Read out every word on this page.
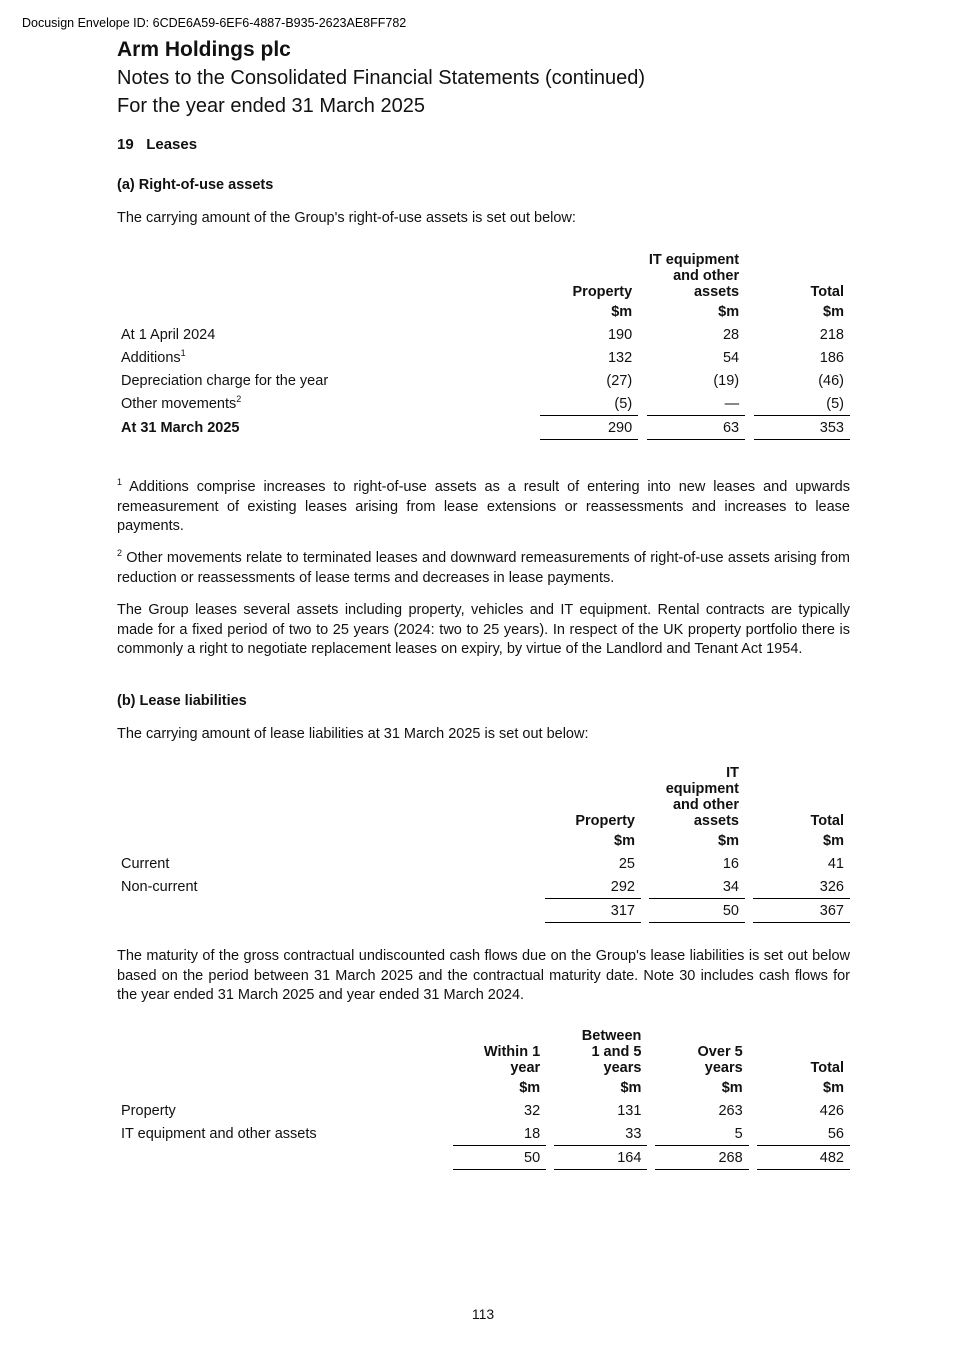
Docusign Envelope ID: 6CDE6A59-6EF6-4887-B935-2623AE8FF782
Arm Holdings plc
Notes to the Consolidated Financial Statements (continued)
For the year ended 31 March 2025
19 Leases
(a) Right-of-use assets

The carrying amount of the Group's right-of-use assets is set out below:

	Property		IT equipment and other assets		Total
	$m		$m		$m
At 1 April 2024	190		28		218
Additions$^1$	132		54		186
Depreciation charge for the year	(27)		(19)		(46)
Other movements$^2$	(5)		—		(5)
At 31 March 2025	290		63		353

$^1$ Additions comprise increases to right-of-use assets as a result of entering into new leases and upwards remeasurement of existing leases arising from lease extensions or reassessments and increases to lease payments.

$^2$ Other movements relate to terminated leases and downward remeasurements of right-of-use assets arising from reduction or reassessments of lease terms and decreases in lease payments.

The Group leases several assets including property, vehicles and IT equipment. Rental contracts are typically made for a fixed period of two to 25 years (2024: two to 25 years). In respect of the UK property portfolio there is commonly a right to negotiate replacement leases on expiry, by virtue of the Landlord and Tenant Act 1954.

(b) Lease liabilities

The carrying amount of lease liabilities at 31 March 2025 is set out below:

	Property		IT equipment and other assets		Total
	$m		$m		$m
Current	25		16		41
Non-current	292		34		326
	317		50		367

The maturity of the gross contractual undiscounted cash flows due on the Group's lease liabilities is set out below based on the period between 31 March 2025 and the contractual maturity date. Note 30 includes cash flows for the year ended 31 March 2025 and year ended 31 March 2024.

	Within 1 year		Between 1 and 5 years		Over 5 years		Total
	$m		$m		$m		$m
Property	32		131		263		426
IT equipment and other assets	18		33		5		56
	50		164		268		482
113
